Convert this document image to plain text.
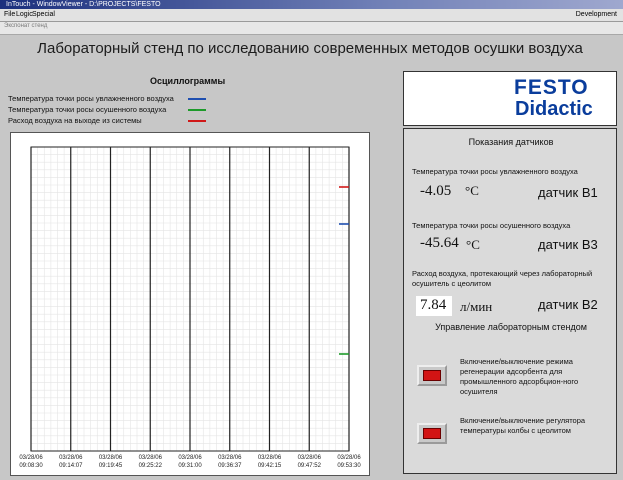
InTouch - WindowViewer - D:\PROJECTS\FESTO
File Logic Special	Development
Экспонат стенд
Лабораторный стенд по исследованию современных методов осушки воздуха
Осциллограммы
Температура точки росы увлажненного воздуха
Температура точки росы осушенного воздуха
Расход воздуха на выходе из системы
03/28/06
09:08:30
03/28/06
09:14:07
03/28/06
09:19:45
03/28/06
09:25:22
03/28/06
09:31:00
03/28/06
09:36:37
03/28/06
09:42:15
03/28/06
09:47:52
03/28/06
09:53:30
FESTO
Didactic
Показания датчиков
Температура точки росы увлажненного воздуха
-4.05 °C	датчик В1
Температура точки росы осушенного воздуха
-45.64 °C	датчик В3
Расход воздуха, протекающий через лабораторный осушитель с цеолитом
7.84 л/мин	датчик В2
Управление лабораторным стендом
Включение/выключение режима регенерации адсорбента для промышленного адсорбцион-ного осушителя
Включение/выключение регулятора температуры колбы с цеолитом
